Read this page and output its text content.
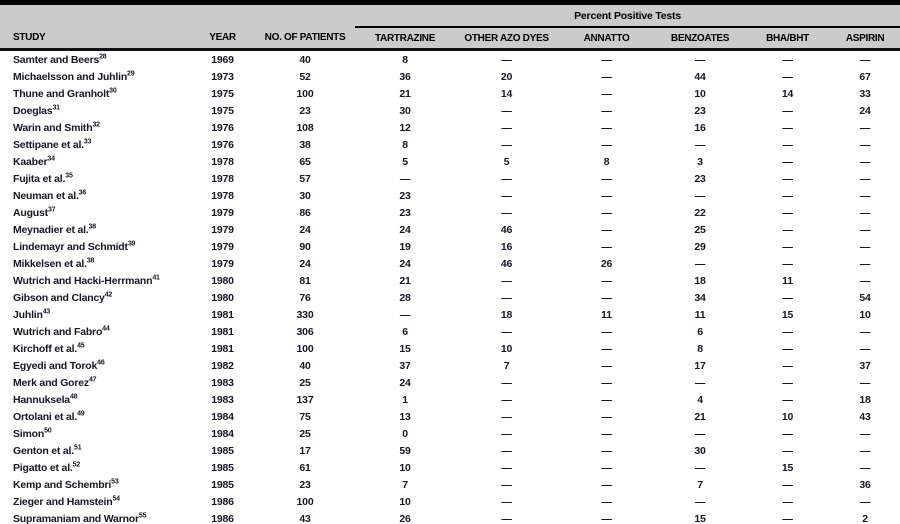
			Percent Positive Tests					
STUDY	YEAR	NO. OF PATIENTS	TARTRAZINE	OTHER AZO DYES	ANNATTO	BENZOATES	BHA/BHT	ASPIRIN
Samter and Beers$^{28}$	1969	40	8	—	—	—	—	—
Michaelsson and Juhlin$^{29}$	1973	52	36	20	—	44	—	67
Thune and Granholt$^{30}$	1975	100	21	14	—	10	14	33
Doeglas$^{31}$	1975	23	30	—	—	23	—	24
Warin and Smith$^{32}$	1976	108	12	—	—	16	—	—
Settipane et al.$^{33}$	1976	38	8	—	—	—	—	—
Kaaber$^{34}$	1978	65	5	5	8	3	—	—
Fujita et al.$^{35}$	1978	57	—	—	—	23	—	—
Neuman et al.$^{36}$	1978	30	23	—	—	—	—	—
August$^{37}$	1979	86	23	—	—	22	—	—
Meynadier et al.$^{38}$	1979	24	24	46	—	25	—	—
Lindemayr and Schmidt$^{39}$	1979	90	19	16	—	29	—	—
Mikkelsen et al.$^{38}$	1979	24	24	46	26	—	—	—
Wutrich and Hacki-Herrmann$^{41}$	1980	81	21	—	—	18	11	—
Gibson and Clancy$^{42}$	1980	76	28	—	—	34	—	54
Juhlin$^{43}$	1981	330	—	18	11	11	15	10
Wutrich and Fabro$^{44}$	1981	306	6	—	—	6	—	—
Kirchoff et al.$^{45}$	1981	100	15	10	—	8	—	—
Egyedi and Torok$^{46}$	1982	40	37	7	—	17	—	37
Merk and Gorez$^{47}$	1983	25	24	—	—	—	—	—
Hannuksela$^{48}$	1983	137	1	—	—	4	—	18
Ortolani et al.$^{49}$	1984	75	13	—	—	21	10	43
Simon$^{50}$	1984	25	0	—	—	—	—	—
Genton et al.$^{51}$	1985	17	59	—	—	30	—	—
Pigatto et al.$^{52}$	1985	61	10	—	—	—	15	—
Kemp and Schembri$^{53}$	1985	23	7	—	—	7	—	36
Zieger and Hamstein$^{54}$	1986	100	10	—	—	—	—	—
Supramaniam and Warnor$^{55}$	1986	43	26	—	—	15	—	2
